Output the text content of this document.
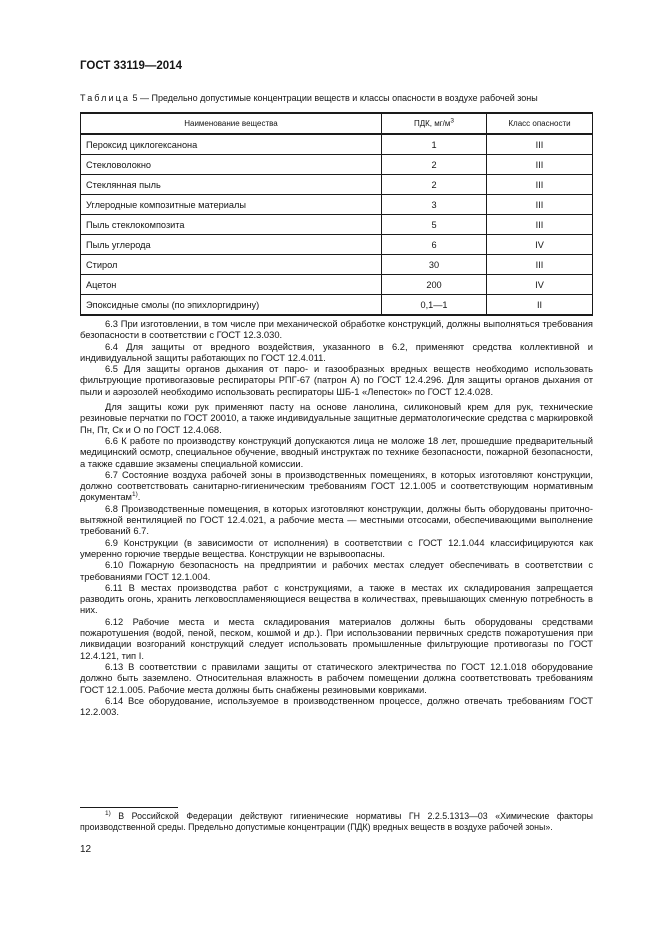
ГОСТ 33119—2014
Таблица 5 — Предельно допустимые концентрации веществ и классы опасности в воздухе рабочей зоны
Наименование вещества	ПДК, $мг/м^3$	Класс опасности
Пероксид циклогексанона	1	III
Стекловолокно	2	III
Стеклянная пыль	2	III
Углеродные композитные материалы	3	III
Пыль стеклокомпозита	5	III
Пыль углерода	6	IV
Стирол	30	III
Ацетон	200	IV
Эпоксидные смолы (по эпихлоргидрину)	0,1—1	II

6.3 При изготовлении, в том числе при механической обработке конструкций, должны выполняться требования безопасности в соответствии с ГОСТ 12.3.030.

6.4 Для защиты от вредного воздействия, указанного в 6.2, применяют средства коллективной и индивидуальной защиты работающих по ГОСТ 12.4.011.

6.5 Для защиты органов дыхания от паро- и газообразных вредных веществ необходимо использовать фильтрующие противогазовые респираторы РПГ-67 (патрон А) по ГОСТ 12.4.296. Для защиты органов дыхания от пыли и аэрозолей необходимо использовать респираторы ШБ-1 «Лепесток» по ГОСТ 12.4.028.

Для защиты кожи рук применяют пасту на основе ланолина, силиконовый крем для рук, технические резиновые перчатки по ГОСТ 20010, а также индивидуальные защитные дерматологические средства с маркировкой Пн, Пт, Ск и О по ГОСТ 12.4.068.

6.6 К работе по производству конструкций допускаются лица не моложе 18 лет, прошедшие предварительный медицинский осмотр, специальное обучение, вводный инструктаж по технике безопасности, пожарной безопасности, а также сдавшие экзамены специальной комиссии.

6.7 Состояние воздуха рабочей зоны в производственных помещениях, в которых изготовляют конструкции, должно соответствовать санитарно-гигиеническим требованиям ГОСТ 12.1.005 и соответствующим нормативным документам$^{1)}$.

6.8 Производственные помещения, в которых изготовляют конструкции, должны быть оборудованы приточно-вытяжной вентиляцией по ГОСТ 12.4.021, а рабочие места — местными отсосами, обеспечивающими выполнение требований 6.7.

6.9 Конструкции (в зависимости от исполнения) в соответствии с ГОСТ 12.1.044 классифицируются как умеренно горючие твердые вещества. Конструкции не взрывоопасны.

6.10 Пожарную безопасность на предприятии и рабочих местах следует обеспечивать в соответствии с требованиями ГОСТ 12.1.004.

6.11 В местах производства работ с конструкциями, а также в местах их складирования запрещается разводить огонь, хранить легковоспламеняющиеся вещества в количествах, превышающих сменную потребность в них.

6.12 Рабочие места и места складирования материалов должны быть оборудованы средствами пожаротушения (водой, пеной, песком, кошмой и др.). При использовании первичных средств пожаротушения при ликвидации возгораний конструкций следует использовать промышленные фильтрующие противогазы по ГОСТ 12.4.121, тип I.

6.13 В соответствии с правилами защиты от статического электричества по ГОСТ 12.1.018 оборудование должно быть заземлено. Относительная влажность в рабочем помещении должна соответствовать требованиям ГОСТ 12.1.005. Рабочие места должны быть снабжены резиновыми ковриками.

6.14 Все оборудование, используемое в производственном процессе, должно отвечать требованиям ГОСТ 12.2.003.

$^{1)}$ В Российской Федерации действуют гигиенические нормативы ГН 2.2.5.1313—03 «Химические факторы производственной среды. Предельно допустимые концентрации (ПДК) вредных веществ в воздухе рабочей зоны».
12
